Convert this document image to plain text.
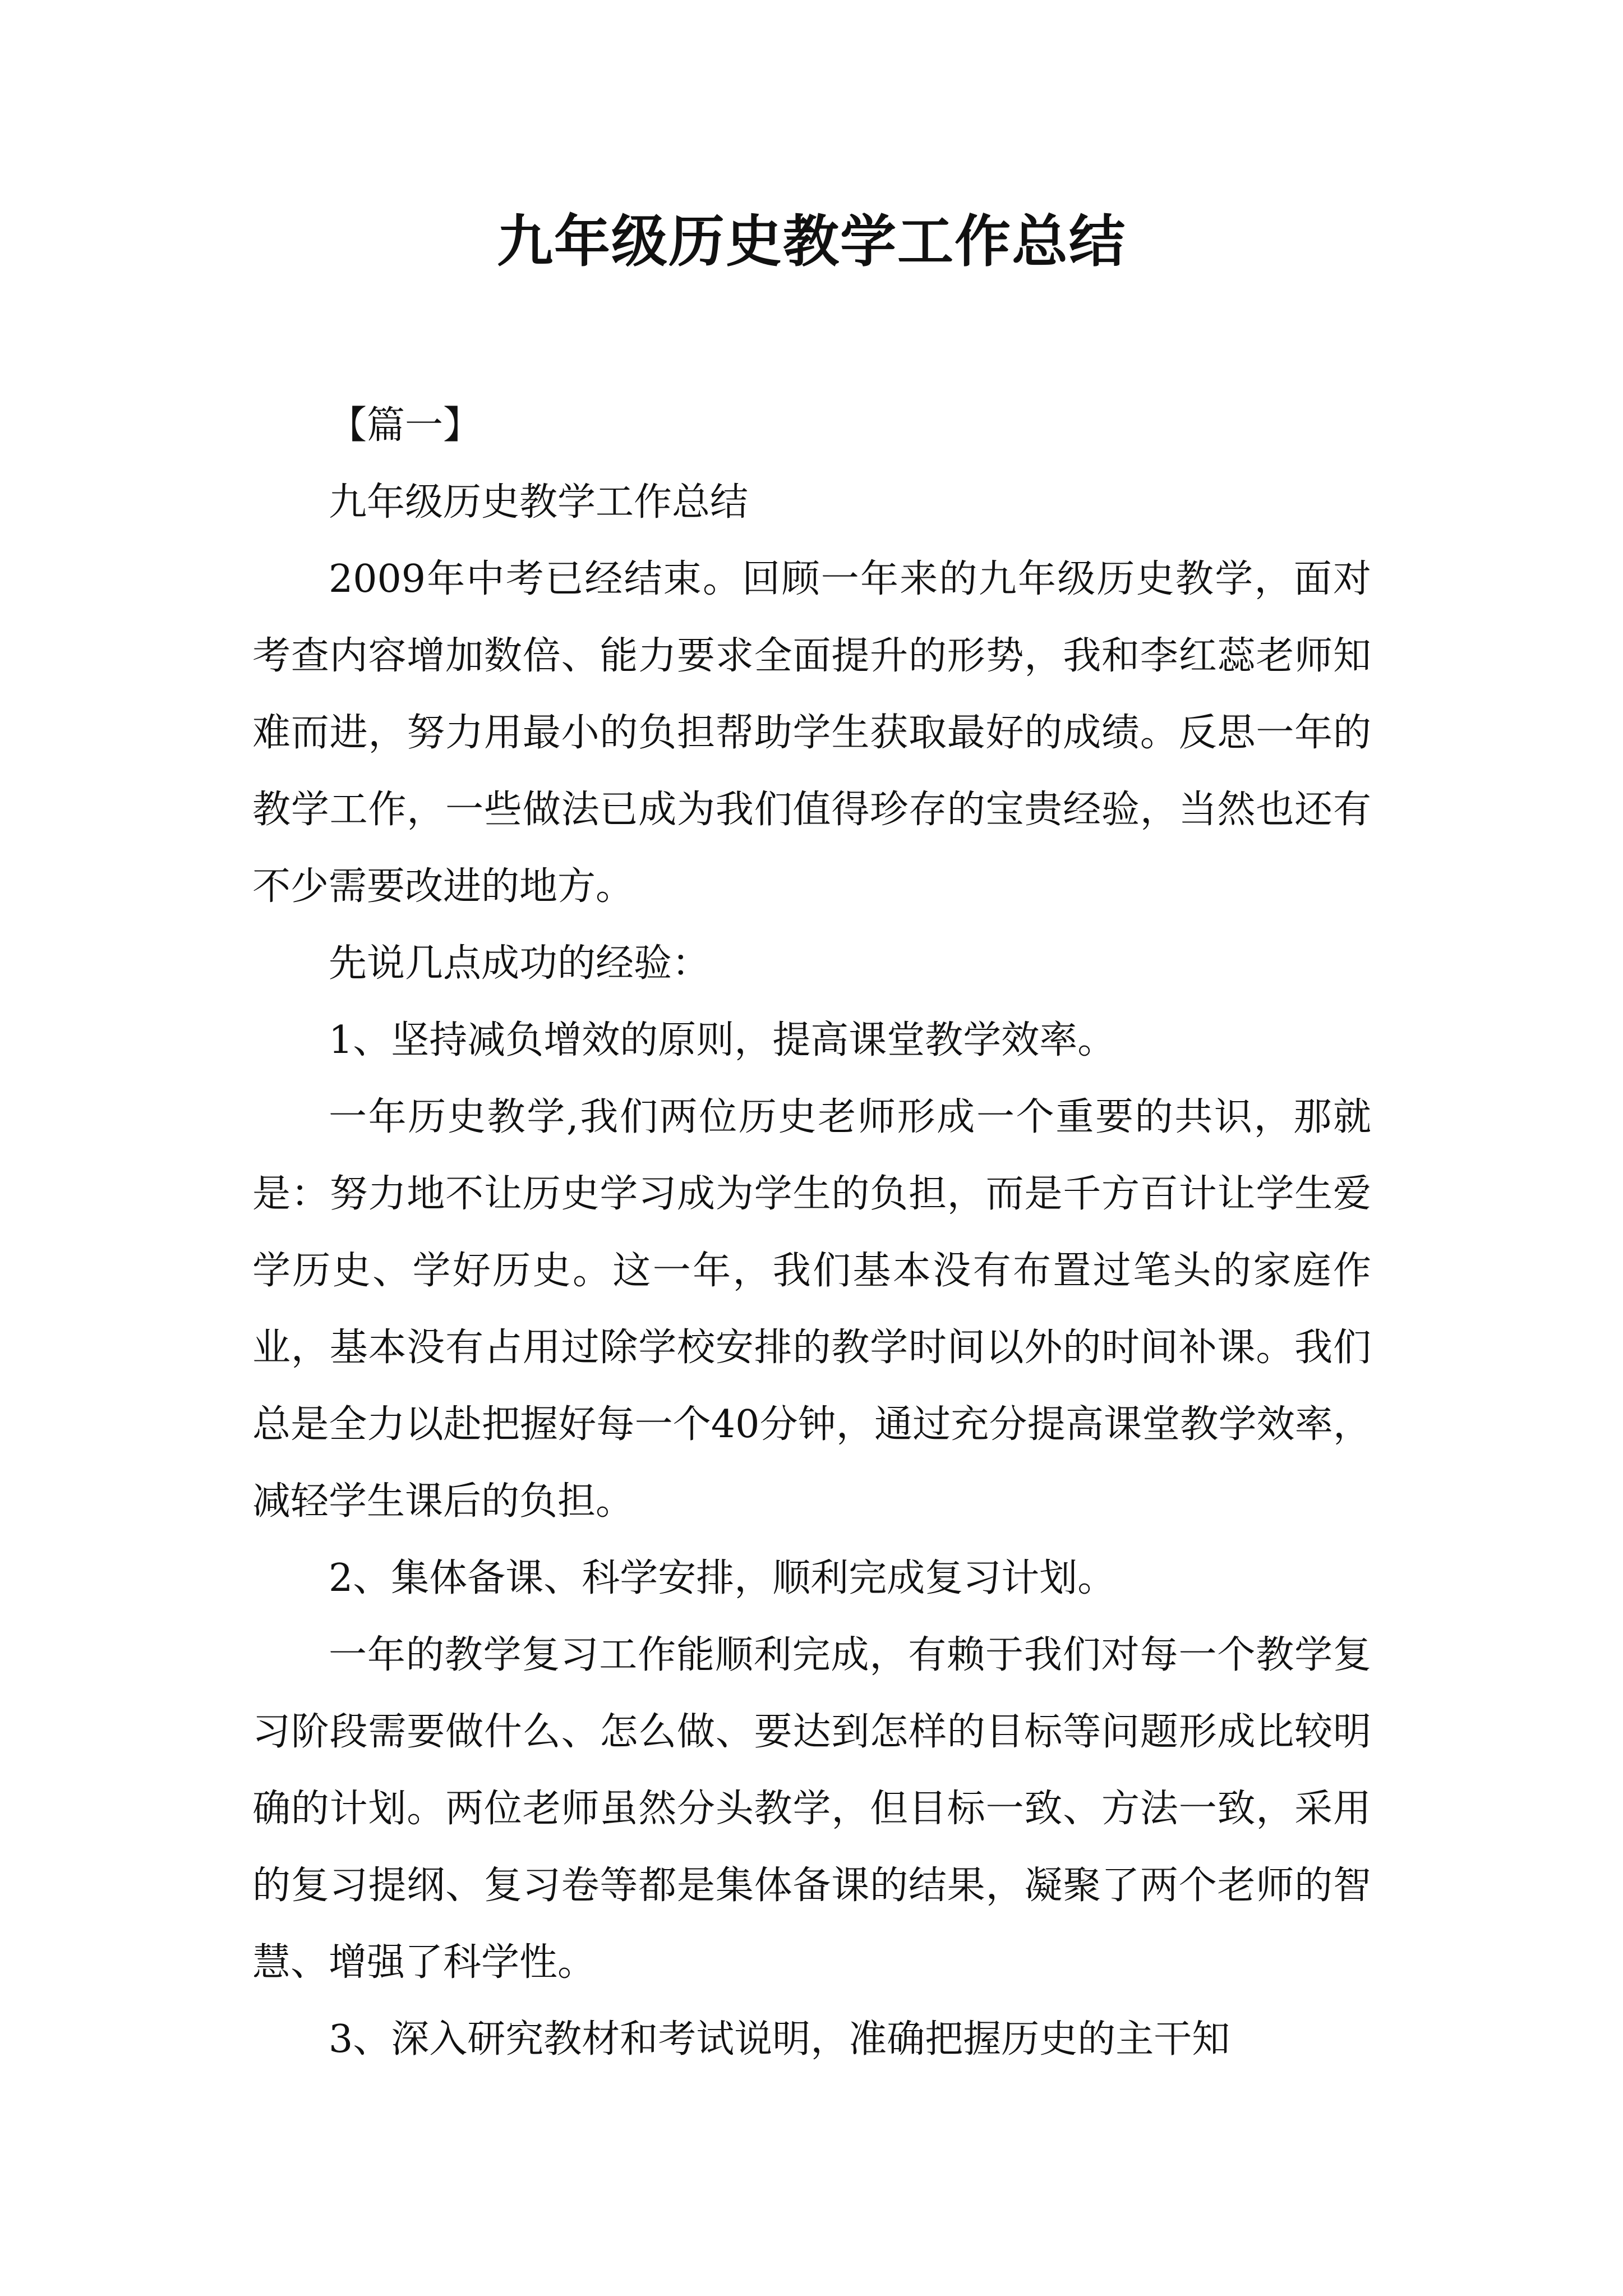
九年级历史教学工作总结

【篇一】

九年级历史教学工作总结

2009年中考已经结束。回顾一年来的九年级历史教学，面对考查内容增加数倍、能力要求全面提升的形势，我和李红蕊老师知难而进，努力用最小的负担帮助学生获取最好的成绩。反思一年的教学工作，一些做法已成为我们值得珍存的宝贵经验，当然也还有不少需要改进的地方。

先说几点成功的经验：

1、坚持减负增效的原则，提高课堂教学效率。

一年历史教学,我们两位历史老师形成一个重要的共识，那就是：努力地不让历史学习成为学生的负担，而是千方百计让学生爱学历史、学好历史。这一年，我们基本没有布置过笔头的家庭作业，基本没有占用过除学校安排的教学时间以外的时间补课。我们总是全力以赴把握好每一个40分钟，通过充分提高课堂教学效率，减轻学生课后的负担。

2、集体备课、科学安排，顺利完成复习计划。

一年的教学复习工作能顺利完成，有赖于我们对每一个教学复习阶段需要做什么、怎么做、要达到怎样的目标等问题形成比较明确的计划。两位老师虽然分头教学，但目标一致、方法一致，采用的复习提纲、复习卷等都是集体备课的结果，凝聚了两个老师的智慧、增强了科学性。

3、深入研究教材和考试说明，准确把握历史的主干知
